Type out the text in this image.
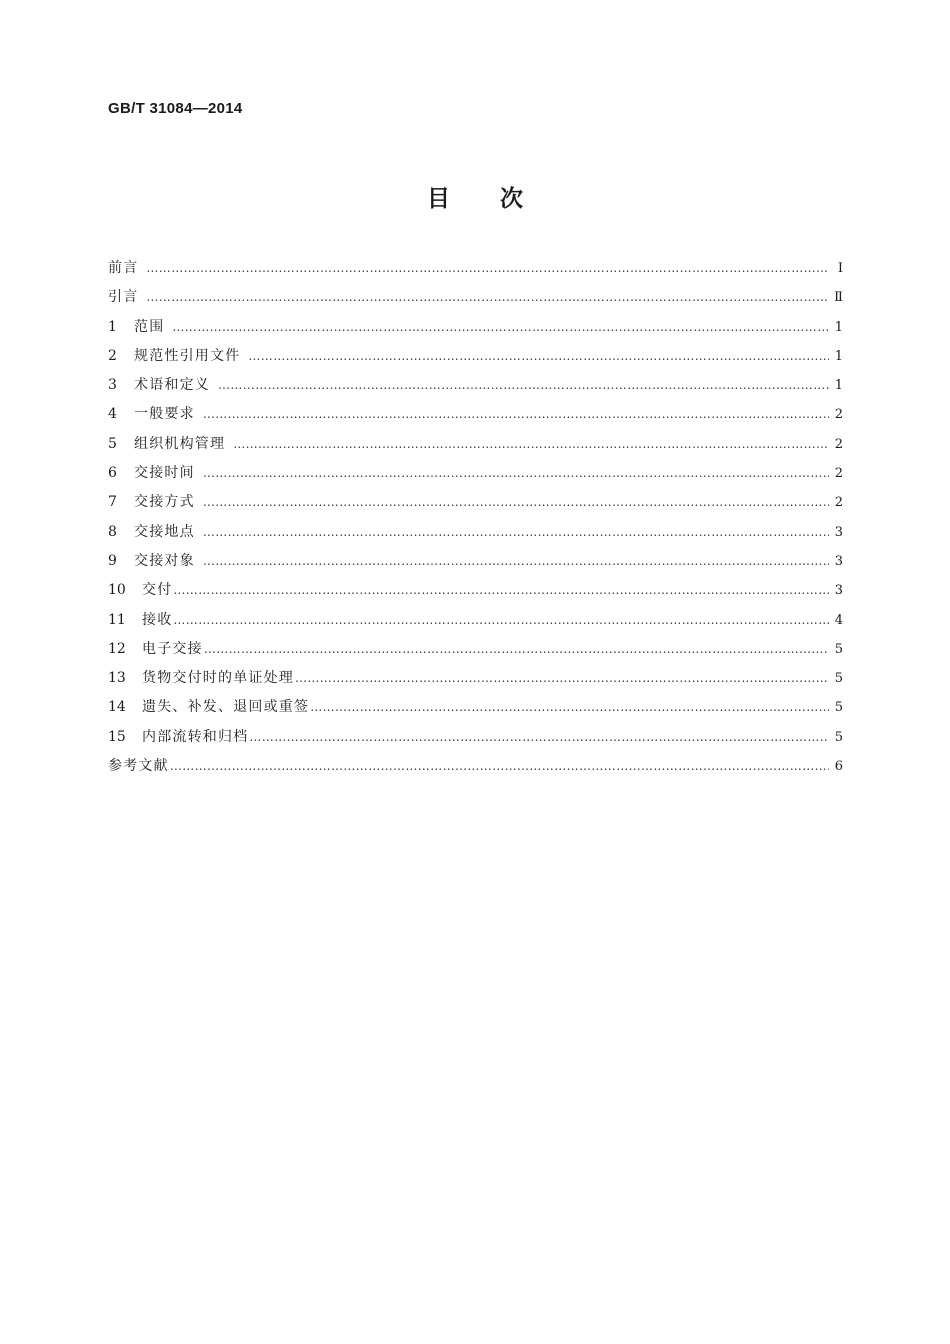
GB/T 31084—2014
目 次
前言 …………………………………………………………………………………………………………………………………………………………………………………………………………	Ⅰ
引言 …………………………………………………………………………………………………………………………………………………………………………………………………………	Ⅱ
1	范围 …………………………………………………………………………………………………………………………………………………………………………………………………………	1
2	规范性引用文件 …………………………………………………………………………………………………………………………………………………………………………………………………………	1
3	术语和定义 …………………………………………………………………………………………………………………………………………………………………………………………………………	1
4	一般要求 …………………………………………………………………………………………………………………………………………………………………………………………………………	2
5	组织机构管理 …………………………………………………………………………………………………………………………………………………………………………………………………………	2
6	交接时间 …………………………………………………………………………………………………………………………………………………………………………………………………………	2
7	交接方式 …………………………………………………………………………………………………………………………………………………………………………………………………………	2
8	交接地点 …………………………………………………………………………………………………………………………………………………………………………………………………………	3
9	交接对象 …………………………………………………………………………………………………………………………………………………………………………………………………………	3
10	交付 …………………………………………………………………………………………………………………………………………………………………………………………………………	3
11	接收 …………………………………………………………………………………………………………………………………………………………………………………………………………	4
12	电子交接 …………………………………………………………………………………………………………………………………………………………………………………………………………	5
13	货物交付时的单证处理 …………………………………………………………………………………………………………………………………………………………………………………………………………	5
14	遗失、补发、退回或重签 …………………………………………………………………………………………………………………………………………………………………………………………………………	5
15	内部流转和归档 …………………………………………………………………………………………………………………………………………………………………………………………………………	5
参考文献 …………………………………………………………………………………………………………………………………………………………………………………………………………	6
